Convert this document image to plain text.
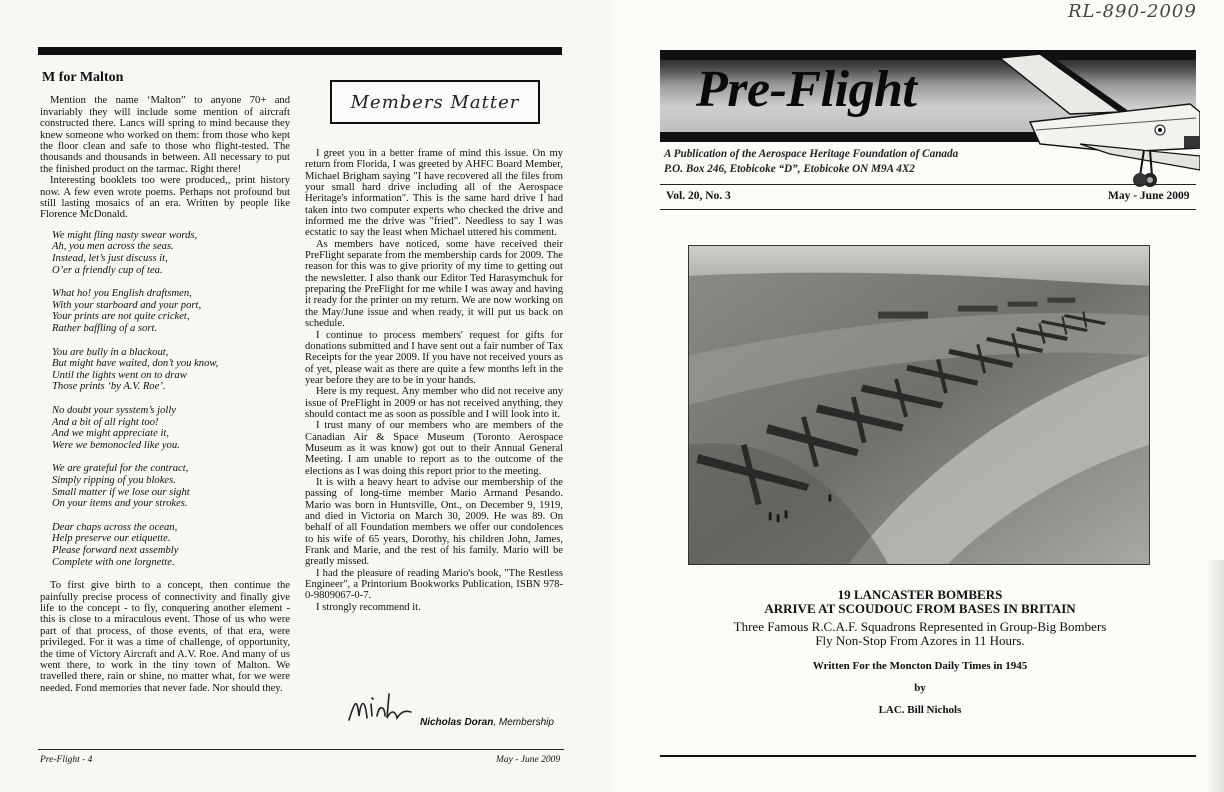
M for Malton

Mention the name ‘Malton” to anyone 70+ and invariably they will include some mention of aircraft constructed there. Lancs will spring to mind because they knew someone who worked on them: from those who kept the floor clean and safe to those who flight-tested. The thousands and thousands in between. All necessary to put the finished product on the tarmac. Right there!

Interesting booklets too were produced,, print history now. A few even wrote poems. Perhaps not profound but still lasting mosaics of an era. Written by people like Florence McDonald.

We might fling nasty swear words,
Ah, you men across the seas.
Instead, let’s just discuss it,
O’er a friendly cup of tea.
What ho! you English draftsmen,
With your starboard and your port,
Your prints are not quite cricket,
Rather baffling of a sort.
You are bully in a blackout,
But might have waited, don’t you know,
Until the lights went on to draw
Those prints ‘by A.V. Roe’.
No doubt your sysstem’s jolly
And a bit of all right too!
And we might appreciate it,
Were we bemonocled like you.
We are grateful for the contract,
Simply ripping of you blokes.
Small matter if we lose our sight
On your items and your strokes.
Dear chaps across the ocean,
Help preserve our etiquette.
Please forward next assembly
Complete with one lorgnette.

To first give birth to a concept, then continue the painfully precise process of connectivity and finally give life to the concept - to fly, conquering another element - this is close to a miraculous event. Those of us who were part of that process, of those events, of that era, were privileged. For it was a time of challenge, of opportunity, the time of Victory Aircraft and A.V. Roe. And many of us went there, to work in the tiny town of Malton. We travelled there, rain or shine, no matter what, for we were needed. Fond memories that never fade. Nor should they.

Members Matter

I greet you in a better frame of mind this issue. On my return from Florida, I was greeted by AHFC Board Member, Michael Brigham saying "I have recovered all the files from your small hard drive including all of the Aerospace Heritage's information". This is the same hard drive I had taken into two computer experts who checked the drive and informed me the drive was "fried". Needless to say I was ecstatic to say the least when Michael uttered his comment.

As members have noticed, some have received their PreFlight separate from the membership cards for 2009. The reason for this was to give priority of my time to getting out the newsletter. I also thank our Editor Ted Harasymchuk for preparing the PreFlight for me while I was away and having it ready for the printer on my return. We are now working on the May/June issue and when ready, it will put us back on schedule.

I continue to process members' request for gifts for donations submitted and I have sent out a fair number of Tax Receipts for the year 2009. If you have not received yours as of yet, please wait as there are quite a few months left in the year before they are to be in your hands.

Here is my request. Any member who did not receive any issue of PreFlight in 2009 or has not received anything, they should contact me as soon as possible and I will look into it.

I trust many of our members who are members of the Canadian Air & Space Museum (Toronto Aerospace Museum as it was know) got out to their Annual General Meeting. I am unable to report as to the outcome of the elections as I was doing this report prior to the meeting.

It is with a heavy heart to advise our membership of the passing of long-time member Mario Armand Pesando. Mario was born in Huntsville, Ont., on December 9, 1919, and died in Victoria on March 30, 2009. He was 89. On behalf of all Foundation members we offer our condolences to his wife of 65 years, Dorothy, his children John, James, Frank and Marie, and the rest of his family. Mario will be greatly missed.

I had the pleasure of reading Mario's book, "The Restless Engineer", a Printorium Bookworks Publication, ISBN 978-0-9809067-0-7.

I strongly recommend it.

Nicholas Doran, Membership
Pre-Flight - 4	May - June 2009
RL-890-2009
Pre-Flight
A Publication of the Aerospace Heritage Foundation of Canada
P.O. Box 246, Etobicoke “D”, Etobicoke ON M9A 4X2
Vol. 20, No. 3	May - June 2009
19 LANCASTER BOMBERS
ARRIVE AT SCOUDOUC FROM BASES IN BRITAIN
Three Famous R.C.A.F. Squadrons Represented in Group-Big Bombers
Fly Non-Stop From Azores in 11 Hours.
Written For the Moncton Daily Times in 1945
by
LAC. Bill Nichols
